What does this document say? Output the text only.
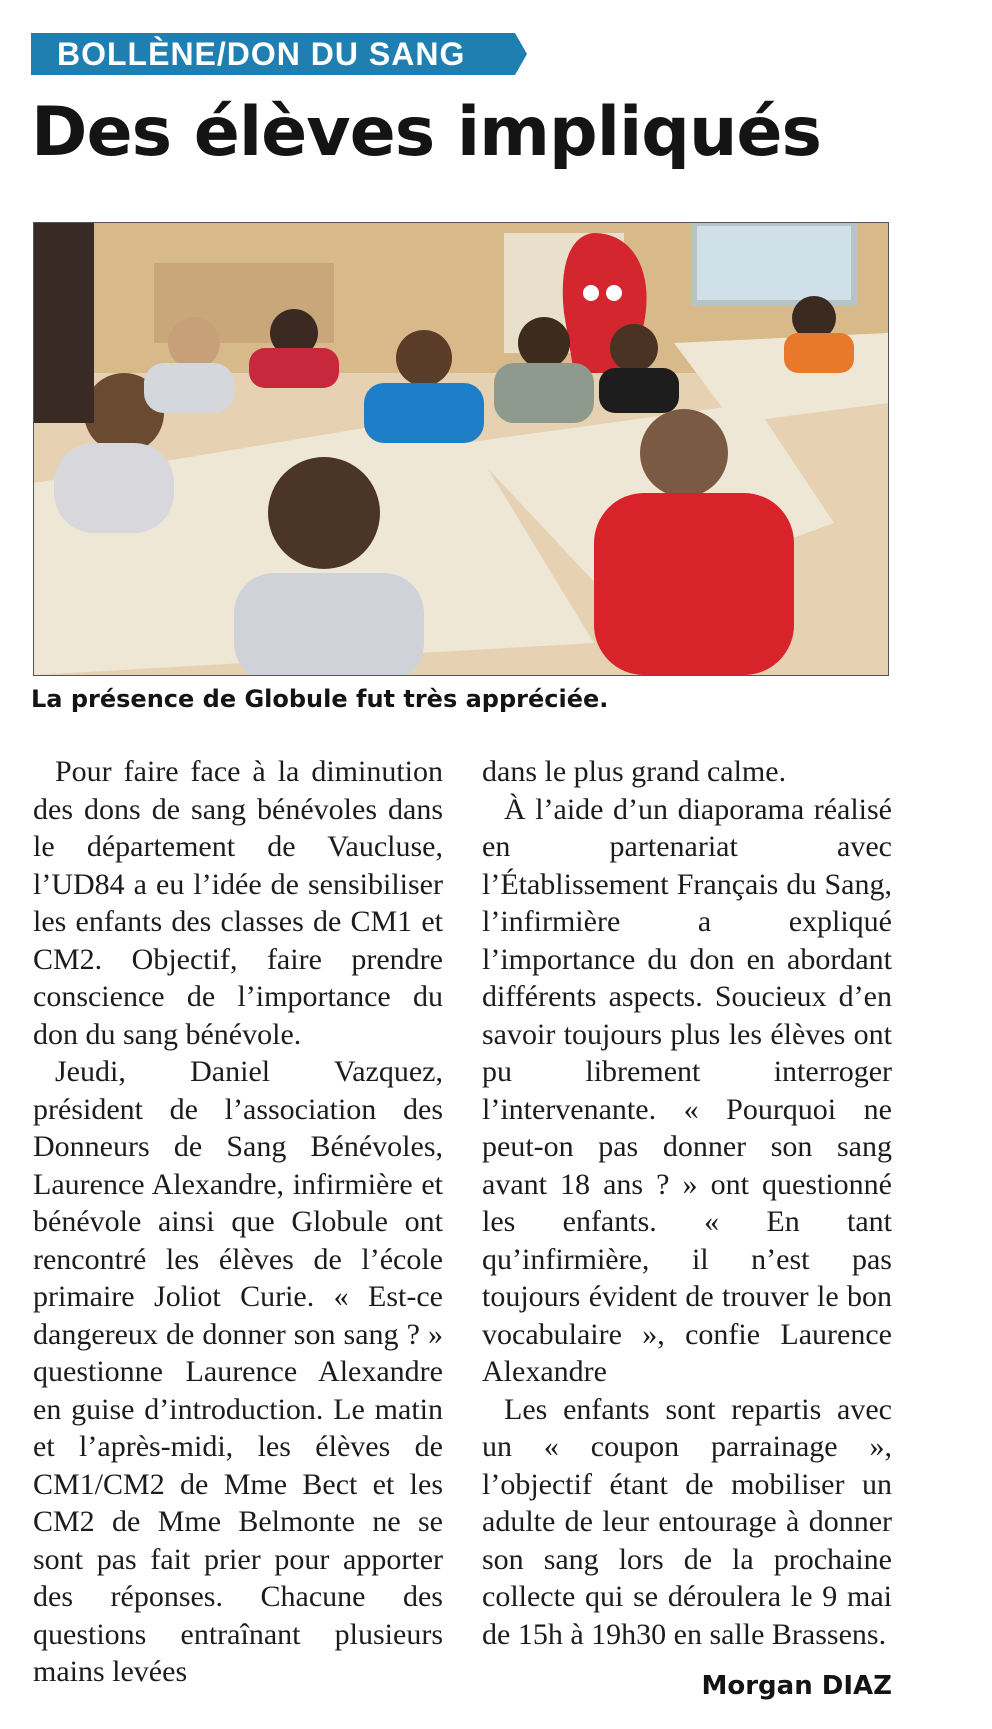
BOLLÈNE/DON DU SANG
Des élèves impliqués
La présence de Globule fut très appréciée.

Pour faire face à la diminution des dons de sang bénévoles dans le département de Vaucluse, l’UD84 a eu l’idée de sensibiliser les enfants des classes de CM1 et CM2. Objectif, faire prendre conscience de l’importance du don du sang bénévole.

Jeudi, Daniel Vazquez, président de l’association des Donneurs de Sang Bénévoles, Laurence Alexandre, infirmière et bénévole ainsi que Globule ont rencontré les élèves de l’école primaire Joliot Curie. « Est-ce dangereux de donner son sang ? » questionne Laurence Alexandre en guise d’introduction. Le matin et l’après-midi, les élèves de CM1/CM2 de Mme Bect et les CM2 de Mme Belmonte ne se sont pas fait prier pour apporter des réponses. Chacune des questions entraînant plusieurs mains levées

dans le plus grand calme.

À l’aide d’un diaporama réalisé en partenariat avec l’Établissement Français du Sang, l’infirmière a expliqué l’importance du don en abordant différents aspects. Soucieux d’en savoir toujours plus les élèves ont pu librement interroger l’intervenante. « Pourquoi ne peut-on pas donner son sang avant 18 ans ? » ont questionné les enfants. « En tant qu’infirmière, il n’est pas toujours évident de trouver le bon vocabulaire », confie Laurence Alexandre

Les enfants sont repartis avec un « coupon parrainage », l’objectif étant de mobiliser un adulte de leur entourage à donner son sang lors de la prochaine collecte qui se déroulera le 9 mai de 15h à 19h30 en salle Brassens.

Morgan DIAZ
